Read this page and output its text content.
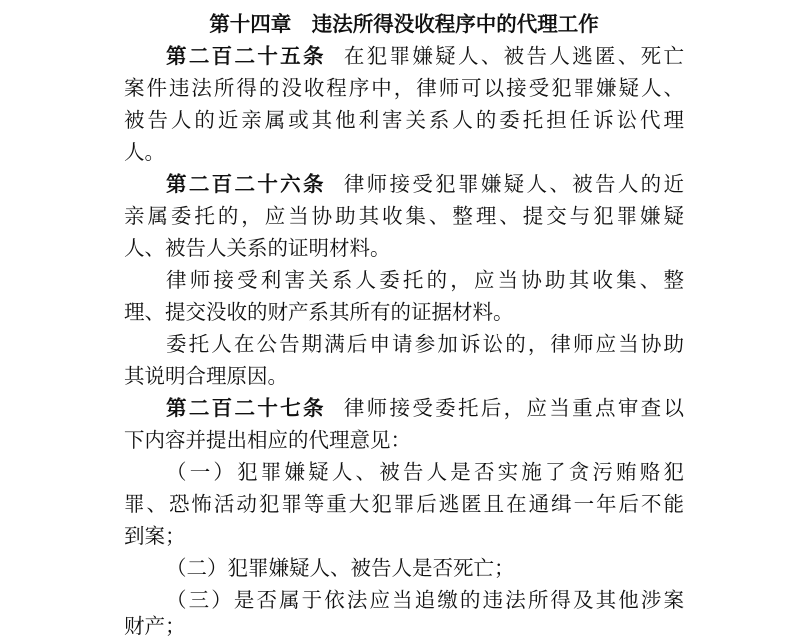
第十四章　违法所得没收程序中的代理工作
第二百二十五条 在犯罪嫌疑人、被告人逃匿、死亡
案件违法所得的没收程序中，律师可以接受犯罪嫌疑人、
被告人的近亲属或其他利害关系人的委托担任诉讼代理
人。
第二百二十六条 律师接受犯罪嫌疑人、被告人的近
亲属委托的，应当协助其收集、整理、提交与犯罪嫌疑
人、被告人关系的证明材料。
律师接受利害关系人委托的，应当协助其收集、整
理、提交没收的财产系其所有的证据材料。
委托人在公告期满后申请参加诉讼的，律师应当协助
其说明合理原因。
第二百二十七条 律师接受委托后，应当重点审查以
下内容并提出相应的代理意见：
（一）犯罪嫌疑人、被告人是否实施了贪污贿赂犯
罪、恐怖活动犯罪等重大犯罪后逃匿且在通缉一年后不能
到案；
（二）犯罪嫌疑人、被告人是否死亡；
（三）是否属于依法应当追缴的违法所得及其他涉案
财产；
